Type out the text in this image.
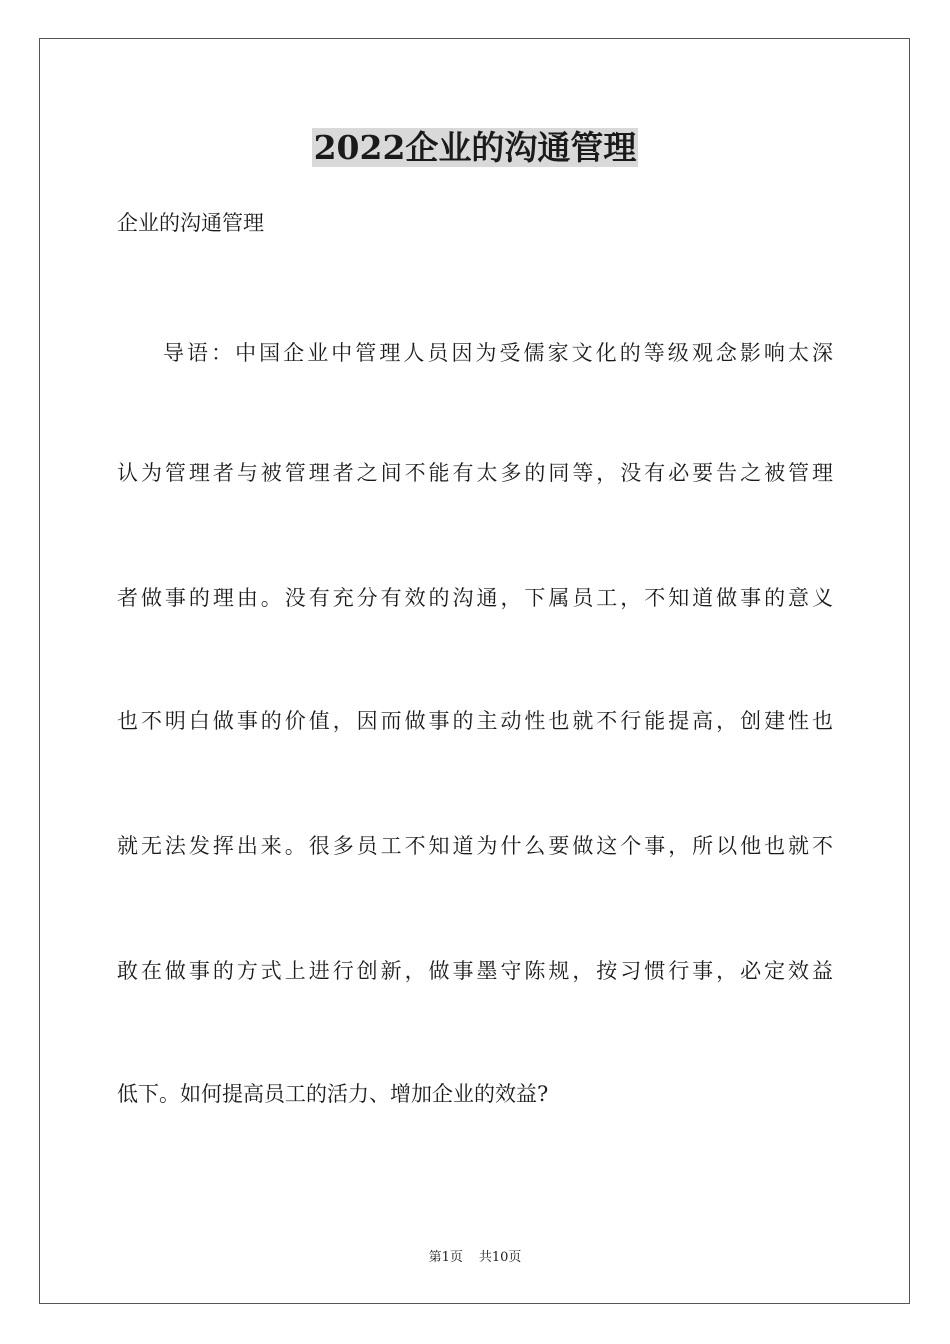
2022企业的沟通管理

企业的沟通管理

导语：中国企业中管理人员因为受儒家文化的等级观念影响太深

认为管理者与被管理者之间不能有太多的同等，没有必要告之被管理

者做事的理由。没有充分有效的沟通，下属员工，不知道做事的意义

也不明白做事的价值，因而做事的主动性也就不行能提高，创建性也

就无法发挥出来。很多员工不知道为什么要做这个事，所以他也就不

敢在做事的方式上进行创新，做事墨守陈规，按习惯行事，必定效益

低下。如何提高员工的活力、增加企业的效益?

第1页 共10页
